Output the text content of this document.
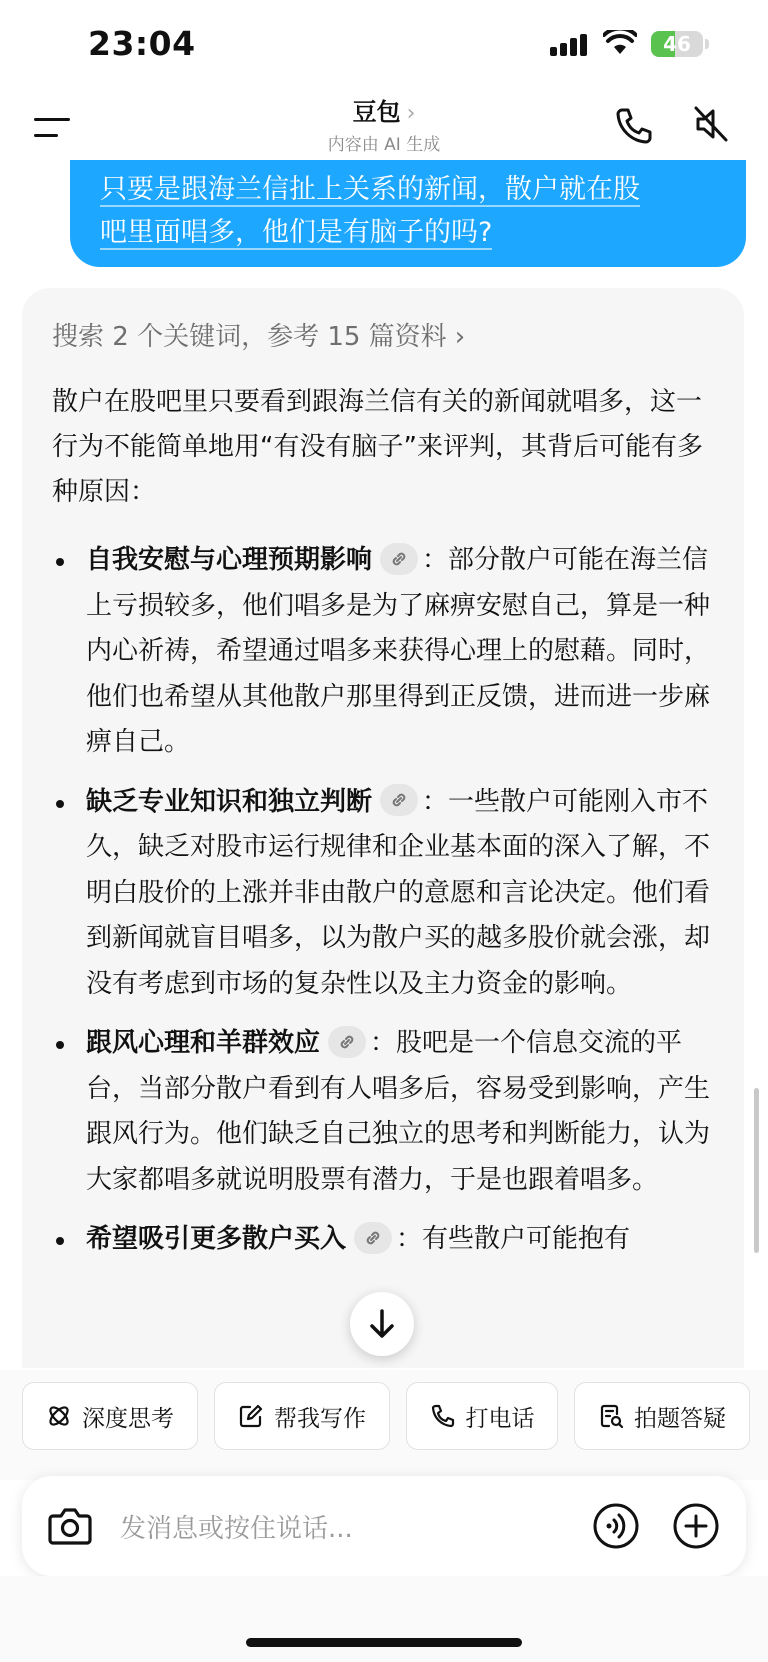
23:04	46
豆包 ›
内容由 AI 生成
只要是跟海兰信扯上关系的新闻，散户就在股
吧里面唱多，他们是有脑子的吗?
搜索 2 个关键词，参考 15 篇资料 ›
散户在股吧里只要看到跟海兰信有关的新闻就唱多，这一行为不能简单地用“有没有脑子”来评判，其背后可能有多种原因：
自我安慰与心理预期影响 ：部分散户可能在海兰信上亏损较多，他们唱多是为了麻痹安慰自己，算是一种内心祈祷，希望通过唱多来获得心理上的慰藉。同时，他们也希望从其他散户那里得到正反馈，进而进一步麻痹自己。
缺乏专业知识和独立判断 ：一些散户可能刚入市不久，缺乏对股市运行规律和企业基本面的深入了解，不明白股价的上涨并非由散户的意愿和言论决定。他们看到新闻就盲目唱多，以为散户买的越多股价就会涨，却没有考虑到市场的复杂性以及主力资金的影响。
跟风心理和羊群效应 ：股吧是一个信息交流的平台，当部分散户看到有人唱多后，容易受到影响，产生跟风行为。他们缺乏自己独立的思考和判断能力，认为大家都唱多就说明股票有潜力，于是也跟着唱多。
希望吸引更多散户买入 ：有些散户可能抱有
深度思考	帮我写作	打电话	拍题答疑
发消息或按住说话...
